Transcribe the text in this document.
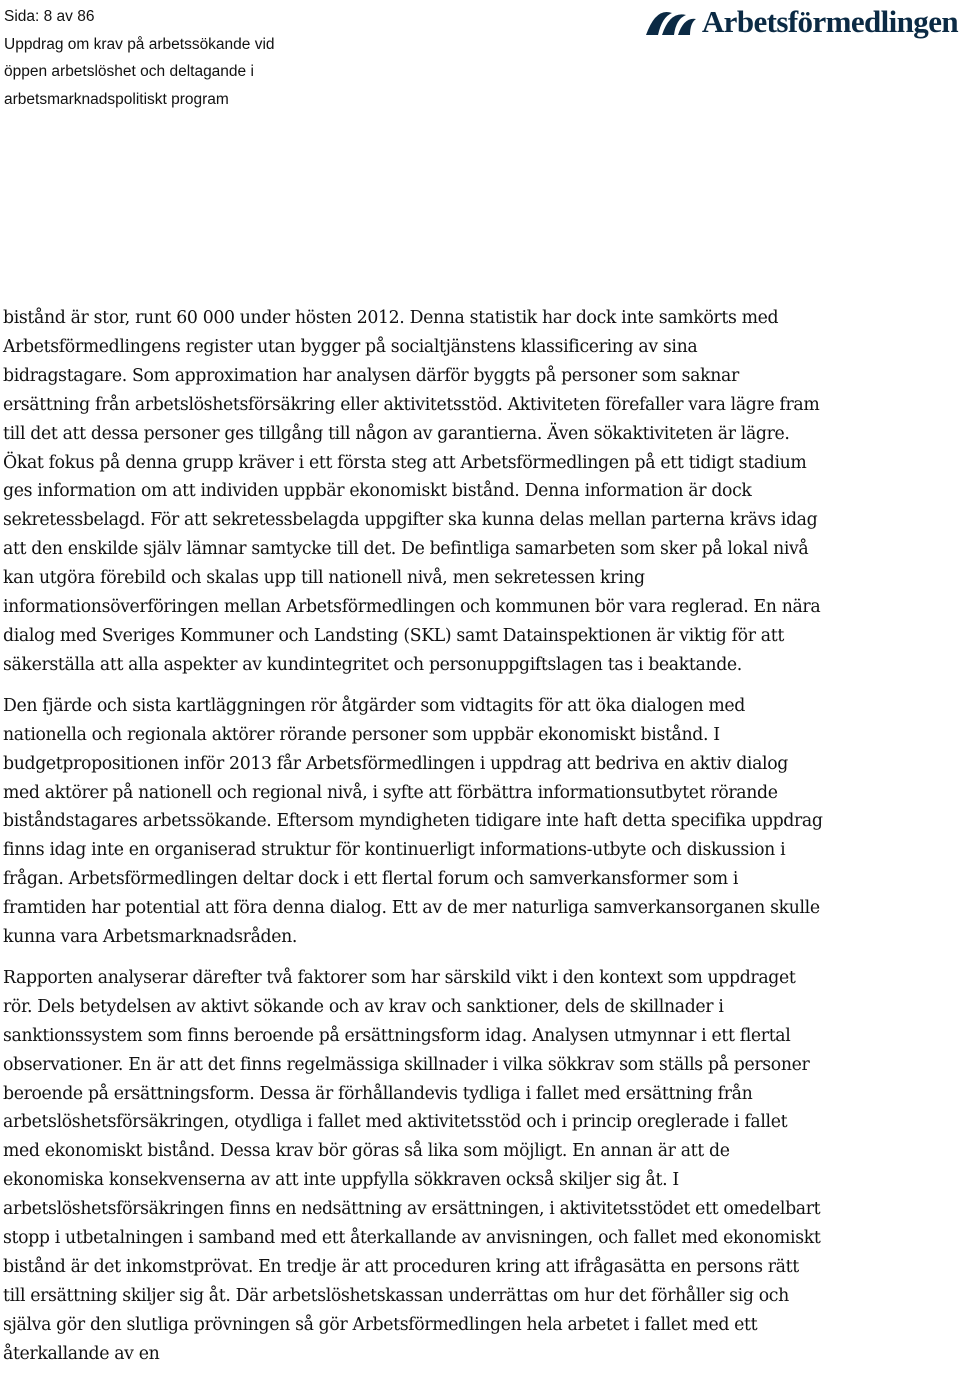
Sida: 8 av 86
Uppdrag om krav på arbetssökande vid
öppen arbetslöshet och deltagande i
arbetsmarknadspolitiskt program
Arbetsförmedlingen

bistånd är stor, runt 60 000 under hösten 2012. Denna statistik har dock inte samkörts med Arbetsförmedlingens register utan bygger på socialtjänstens klassificering av sina bidragstagare. Som approximation har analysen därför byggts på personer som saknar ersättning från arbetslöshetsförsäkring eller aktivitetsstöd. Aktiviteten förefaller vara lägre fram till det att dessa personer ges tillgång till någon av garantierna. Även sökaktiviteten är lägre. Ökat fokus på denna grupp kräver i ett första steg att Arbetsförmedlingen på ett tidigt stadium ges information om att individen uppbär ekonomiskt bistånd. Denna information är dock sekretessbelagd. För att sekretessbelagda uppgifter ska kunna delas mellan parterna krävs idag att den enskilde själv lämnar samtycke till det. De befintliga samarbeten som sker på lokal nivå kan utgöra förebild och skalas upp till nationell nivå, men sekretessen kring informationsöverföringen mellan Arbetsförmedlingen och kommunen bör vara reglerad. En nära dialog med Sveriges Kommuner och Landsting (SKL) samt Datainspektionen är viktig för att säkerställa att alla aspekter av kundintegritet och personuppgiftslagen tas i beaktande.

Den fjärde och sista kartläggningen rör åtgärder som vidtagits för att öka dialogen med nationella och regionala aktörer rörande personer som uppbär ekonomiskt bistånd. I budgetpropositionen inför 2013 får Arbetsförmedlingen i uppdrag att bedriva en aktiv dialog med aktörer på nationell och regional nivå, i syfte att förbättra informationsutbytet rörande biståndstagares arbetssökande. Eftersom myndigheten tidigare inte haft detta specifika uppdrag finns idag inte en organiserad struktur för kontinuerligt informations-utbyte och diskussion i frågan. Arbetsförmedlingen deltar dock i ett flertal forum och samverkansformer som i framtiden har potential att föra denna dialog. Ett av de mer naturliga samverkansorganen skulle kunna vara Arbetsmarknadsråden.

Rapporten analyserar därefter två faktorer som har särskild vikt i den kontext som uppdraget rör. Dels betydelsen av aktivt sökande och av krav och sanktioner, dels de skillnader i sanktionssystem som finns beroende på ersättningsform idag. Analysen utmynnar i ett flertal observationer. En är att det finns regelmässiga skillnader i vilka sökkrav som ställs på personer beroende på ersättningsform. Dessa är förhållandevis tydliga i fallet med ersättning från arbetslöshetsförsäkringen, otydliga i fallet med aktivitetsstöd och i princip oreglerade i fallet med ekonomiskt bistånd. Dessa krav bör göras så lika som möjligt. En annan är att de ekonomiska konsekvenserna av att inte uppfylla sökkraven också skiljer sig åt. I arbetslöshetsförsäkringen finns en nedsättning av ersättningen, i aktivitetsstödet ett omedelbart stopp i utbetalningen i samband med ett återkallande av anvisningen, och fallet med ekonomiskt bistånd är det inkomstprövat. En tredje är att proceduren kring att ifrågasätta en persons rätt till ersättning skiljer sig åt. Där arbetslöshetskassan underrättas om hur det förhåller sig och själva gör den slutliga prövningen så gör Arbetsförmedlingen hela arbetet i fallet med ett återkallande av en
